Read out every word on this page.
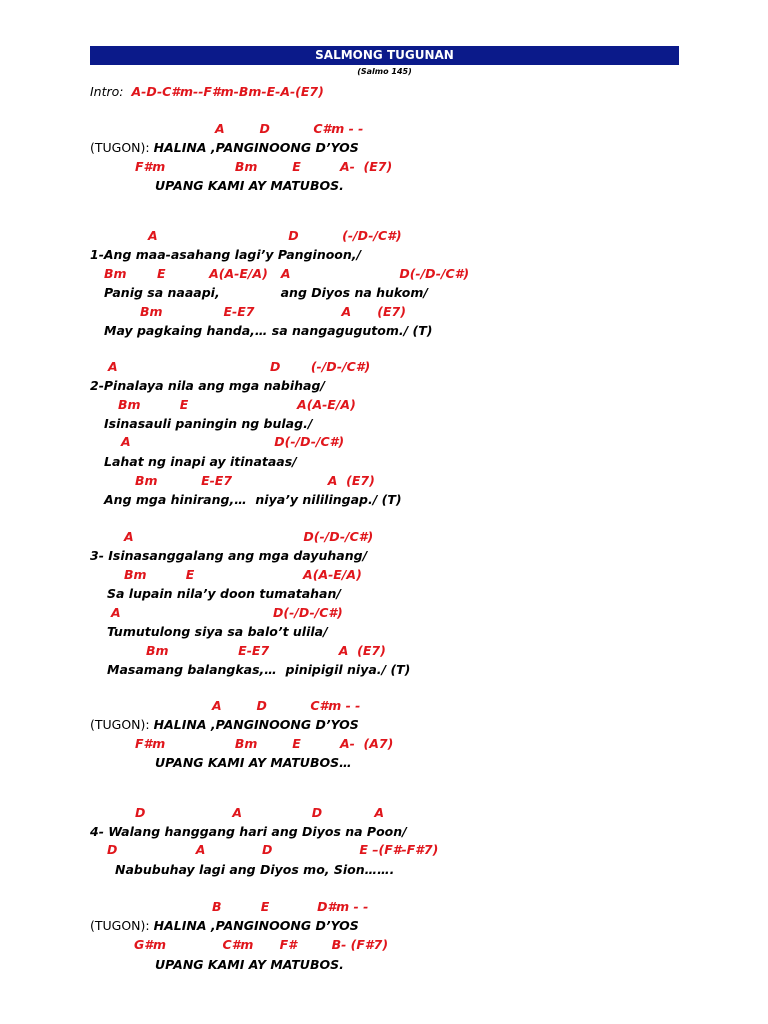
SALMONG TUGUNAN
(Salmo 145)
Intro: A-D-C#m--F#m-Bm-E-A-(E7)
A        D          C#m - -
(TUGON): HALINA ,PANGINOONG D’YOS
F#m                Bm        E         A-  (E7)
UPANG KAMI AY MATUBOS.
A                              D          (-/D-/C#)
1-Ang maa-asahang lagi’y Panginoon,/
Bm       E          A(A-E/A)   A                         D(-/D-/C#)
Panig sa naaapi,              ang Diyos na hukom/
Bm              E-E7                    A      (E7)
May pagkaing handa,… sa nangagugutom./ (T)
A                                   D       (-/D-/C#)
2-Pinalaya nila ang mga nabihag/
Bm         E                         A(A-E/A)
Isinasauli paningin ng bulag./
A                                 D(-/D-/C#)
Lahat ng inapi ay itinataas/
Bm          E-E7                      A  (E7)
Ang mga hinirang,…  niya’y nililingap./ (T)
A                                       D(-/D-/C#)
3- Isinasanggalang ang mga dayuhang/
Bm         E                         A(A-E/A)
Sa lupain nila’y doon tumatahan/
A                                   D(-/D-/C#)
Tumutulong siya sa balo’t ulila/
Bm                E-E7                A  (E7)
Masamang balangkas,…  pinipigil niya./ (T)
A        D          C#m - -
(TUGON): HALINA ,PANGINOONG D’YOS
F#m                Bm        E         A-  (A7)
UPANG KAMI AY MATUBOS…
D                    A                D            A
4- Walang hanggang hari ang Diyos na Poon/
D                  A             D                    E –(F#-F#7)
Nabubuhay lagi ang Diyos mo, Sion…….
B         E           D#m - -
(TUGON): HALINA ,PANGINOONG D’YOS
G#m             C#m      F#        B- (F#7)
UPANG KAMI AY MATUBOS.
